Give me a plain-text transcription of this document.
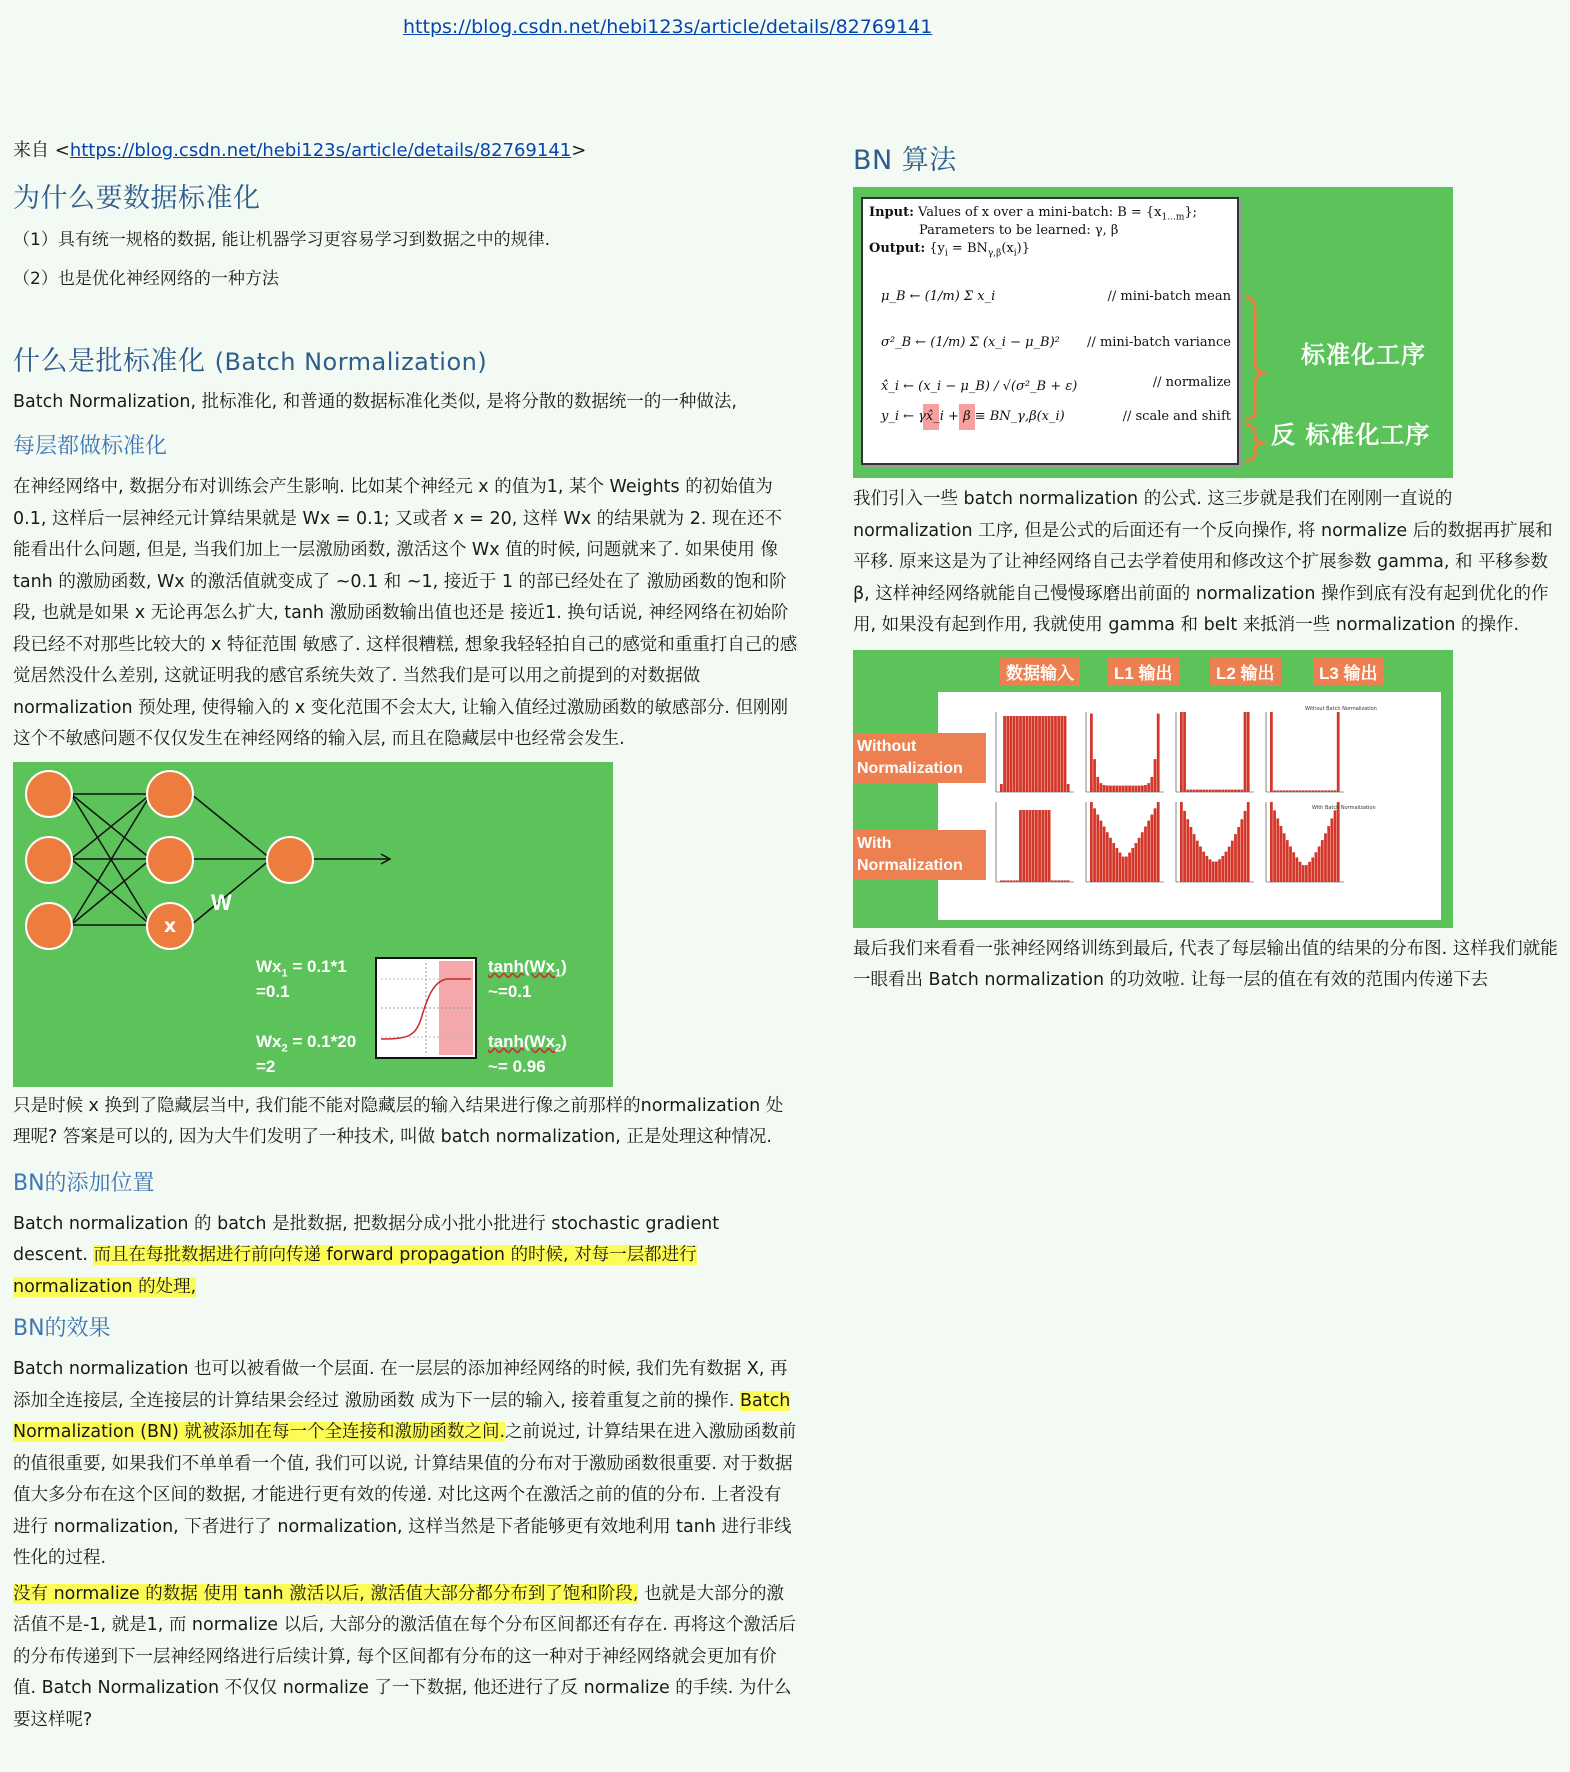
https://blog.csdn.net/hebi123s/article/details/82769141

来自 <https://blog.csdn.net/hebi123s/article/details/82769141>

为什么要数据标准化

（1）具有统一规格的数据, 能让机器学习更容易学习到数据之中的规律.

（2）也是优化神经网络的一种方法

什么是批标准化 (Batch Normalization)

Batch Normalization, 批标准化, 和普通的数据标准化类似, 是将分散的数据统一的一种做法,

每层都做标准化

在神经网络中, 数据分布对训练会产生影响. 比如某个神经元 x 的值为1, 某个 Weights 的初始值为 0.1, 这样后一层神经元计算结果就是 Wx = 0.1; 又或者 x = 20, 这样 Wx 的结果就为 2. 现在还不能看出什么问题, 但是, 当我们加上一层激励函数, 激活这个 Wx 值的时候, 问题就来了. 如果使用 像 tanh 的激励函数, Wx 的激活值就变成了 ~0.1 和 ~1, 接近于 1 的部已经处在了 激励函数的饱和阶段, 也就是如果 x 无论再怎么扩大, tanh 激励函数输出值也还是 接近1. 换句话说, 神经网络在初始阶段已经不对那些比较大的 x 特征范围 敏感了. 这样很糟糕, 想象我轻轻拍自己的感觉和重重打自己的感觉居然没什么差别, 这就证明我的感官系统失效了. 当然我们是可以用之前提到的对数据做 normalization 预处理, 使得输入的 x 变化范围不会太大, 让输入值经过激励函数的敏感部分. 但刚刚这个不敏感问题不仅仅发生在神经网络的输入层, 而且在隐藏层中也经常会发生.

x
W
$Wx_1 = 0.1*1$
=0.1
$Wx_2 = 0.1*20$
=2
$\tanh(Wx_1)$
~=0.1
$\tanh(Wx_2)$
~= 0.96

只是时候 x 换到了隐藏层当中, 我们能不能对隐藏层的输入结果进行像之前那样的normalization 处理呢? 答案是可以的, 因为大牛们发明了一种技术, 叫做 batch normalization, 正是处理这种情况.

BN的添加位置

Batch normalization 的 batch 是批数据, 把数据分成小批小批进行 stochastic gradient descent. 而且在每批数据进行前向传递 forward propagation 的时候, 对每一层都进行 normalization 的处理,

BN的效果

Batch normalization 也可以被看做一个层面. 在一层层的添加神经网络的时候, 我们先有数据 X, 再添加全连接层, 全连接层的计算结果会经过 激励函数 成为下一层的输入, 接着重复之前的操作. Batch Normalization (BN) 就被添加在每一个全连接和激励函数之间.之前说过, 计算结果在进入激励函数前的值很重要, 如果我们不单单看一个值, 我们可以说, 计算结果值的分布对于激励函数很重要. 对于数据值大多分布在这个区间的数据, 才能进行更有效的传递. 对比这两个在激活之前的值的分布. 上者没有进行 normalization, 下者进行了 normalization, 这样当然是下者能够更有效地利用 tanh 进行非线性化的过程.

没有 normalize 的数据 使用 tanh 激活以后, 激活值大部分都分布到了饱和阶段, 也就是大部分的激活值不是-1, 就是1, 而 normalize 以后, 大部分的激活值在每个分布区间都还有存在. 再将这个激活后的分布传递到下一层神经网络进行后续计算, 每个区间都有分布的这一种对于神经网络就会更加有价值. Batch Normalization 不仅仅 normalize 了一下数据, 他还进行了反 normalize 的手续. 为什么要这样呢?

BN 算法
Input: Values of x over a mini-batch: $B = \{x_{1...m}\}$;
Parameters to be learned: γ, β
Output: $\{y_i = BN_{\gamma,\beta}(x_i)\}$
μ_B ← (1/m) Σ x_i	// mini-batch mean
σ²_B ← (1/m) Σ (x_i − μ_B)² // mini-batch variance
x̂_i ← (x_i − μ_B) / √(σ²_B + ε)	// normalize
y_i ← γx̂_i + β ≡ BN_γ,β(x_i)	// scale and shift
标准化工序
反 标准化工序

我们引入一些 batch normalization 的公式. 这三步就是我们在刚刚一直说的 normalization 工序, 但是公式的后面还有一个反向操作, 将 normalize 后的数据再扩展和平移. 原来这是为了让神经网络自己去学着使用和修改这个扩展参数 gamma, 和 平移参数 β, 这样神经网络就能自己慢慢琢磨出前面的 normalization 操作到底有没有起到优化的作用, 如果没有起到作用, 我就使用 gamma 和 belt 来抵消一些 normalization 的操作.

Without Batch Normalization
With Batch Normalization
数据输入	L1 输出	L2 输出	L3 输出
Without
Normalization
With
Normalization

最后我们来看看一张神经网络训练到最后, 代表了每层输出值的结果的分布图. 这样我们就能一眼看出 Batch normalization 的功效啦. 让每一层的值在有效的范围内传递下去
